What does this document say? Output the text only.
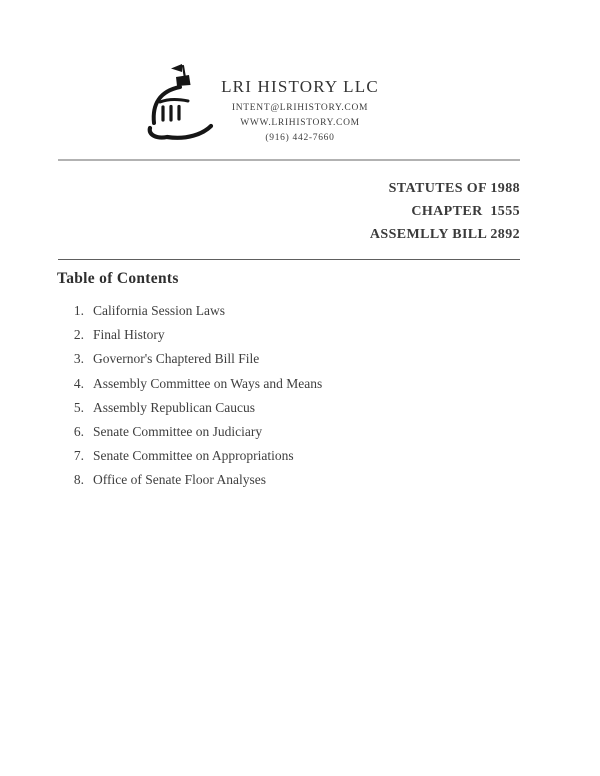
LRI HISTORY LLC
INTENT@LRIHISTORY.COM
WWW.LRIHISTORY.COM
(916) 442-7660
STATUTES OF 1988
CHAPTER  1555
ASSEMLLY BILL 2892
Table of Contents
1. California Session Laws
2. Final History
3. Governor's Chaptered Bill File
4. Assembly Committee on Ways and Means
5. Assembly Republican Caucus
6. Senate Committee on Judiciary
7. Senate Committee on Appropriations
8. Office of Senate Floor Analyses
